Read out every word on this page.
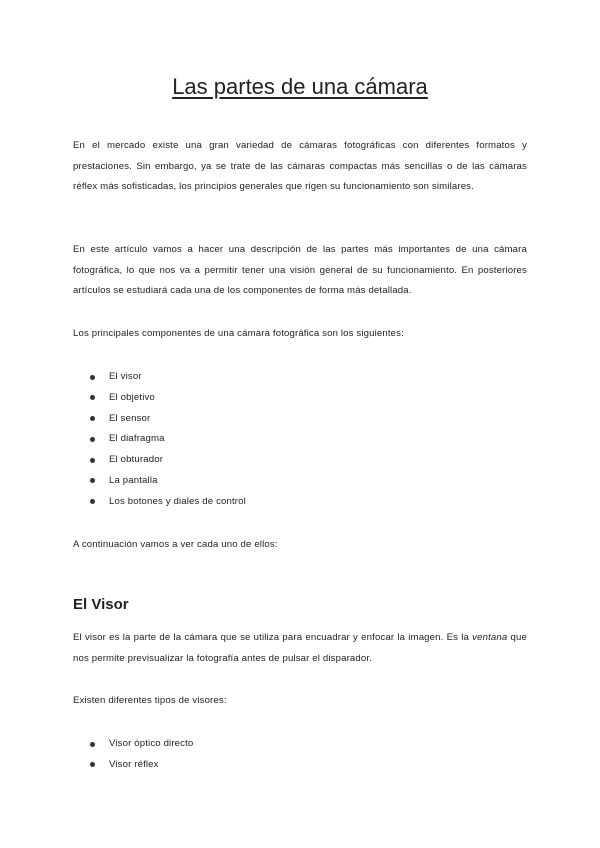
Las partes de una cámara

En el mercado existe una gran variedad de cámaras fotográficas con diferentes formatos y prestaciones. Sin embargo, ya se trate de las cámaras compactas más sencillas o de las cámaras réflex más sofisticadas, los principios generales que rigen su funcionamiento son similares.

En este artículo vamos a hacer una descripción de las partes más importantes de una cámara fotográfica, lo que nos va a permitir tener una visión general de su funcionamiento. En posteriores artículos se estudiará cada una de los componentes de forma más detallada.

Los principales componentes de una cámara fotográfica son los siguientes:

El visor
El objetivo
El sensor
El diafragma
El obturador
La pantalla
Los botones y diales de control

A continuación vamos a ver cada uno de ellos:

El Visor

El visor es la parte de la cámara que se utiliza para encuadrar y enfocar la imagen. Es la ventana que nos permite previsualizar la fotografía antes de pulsar el disparador.

Existen diferentes tipos de visores:

Visor óptico directo
Visor réflex
